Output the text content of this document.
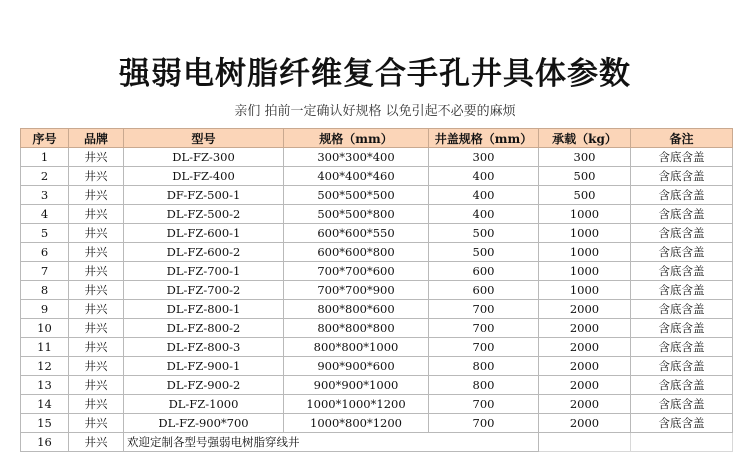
强弱电树脂纤维复合手孔井具体参数
亲们 拍前一定确认好规格 以免引起不必要的麻烦
序号	品牌	型号	规格（mm）	井盖规格（mm）	承载（kg）	备注
1	井兴	DL-FZ-300	300*300*400	300	300	含底含盖
2	井兴	DL-FZ-400	400*400*460	400	500	含底含盖
3	井兴	DF-FZ-500-1	500*500*500	400	500	含底含盖
4	井兴	DL-FZ-500-2	500*500*800	400	1000	含底含盖
5	井兴	DL-FZ-600-1	600*600*550	500	1000	含底含盖
6	井兴	DL-FZ-600-2	600*600*800	500	1000	含底含盖
7	井兴	DL-FZ-700-1	700*700*600	600	1000	含底含盖
8	井兴	DL-FZ-700-2	700*700*900	600	1000	含底含盖
9	井兴	DL-FZ-800-1	800*800*600	700	2000	含底含盖
10	井兴	DL-FZ-800-2	800*800*800	700	2000	含底含盖
11	井兴	DL-FZ-800-3	800*800*1000	700	2000	含底含盖
12	井兴	DL-FZ-900-1	900*900*600	800	2000	含底含盖
13	井兴	DL-FZ-900-2	900*900*1000	800	2000	含底含盖
14	井兴	DL-FZ-1000	1000*1000*1200	700	2000	含底含盖
15	井兴	DL-FZ-900*700	1000*800*1200	700	2000	含底含盖
16	井兴	欢迎定制各型号强弱电树脂穿线井				
